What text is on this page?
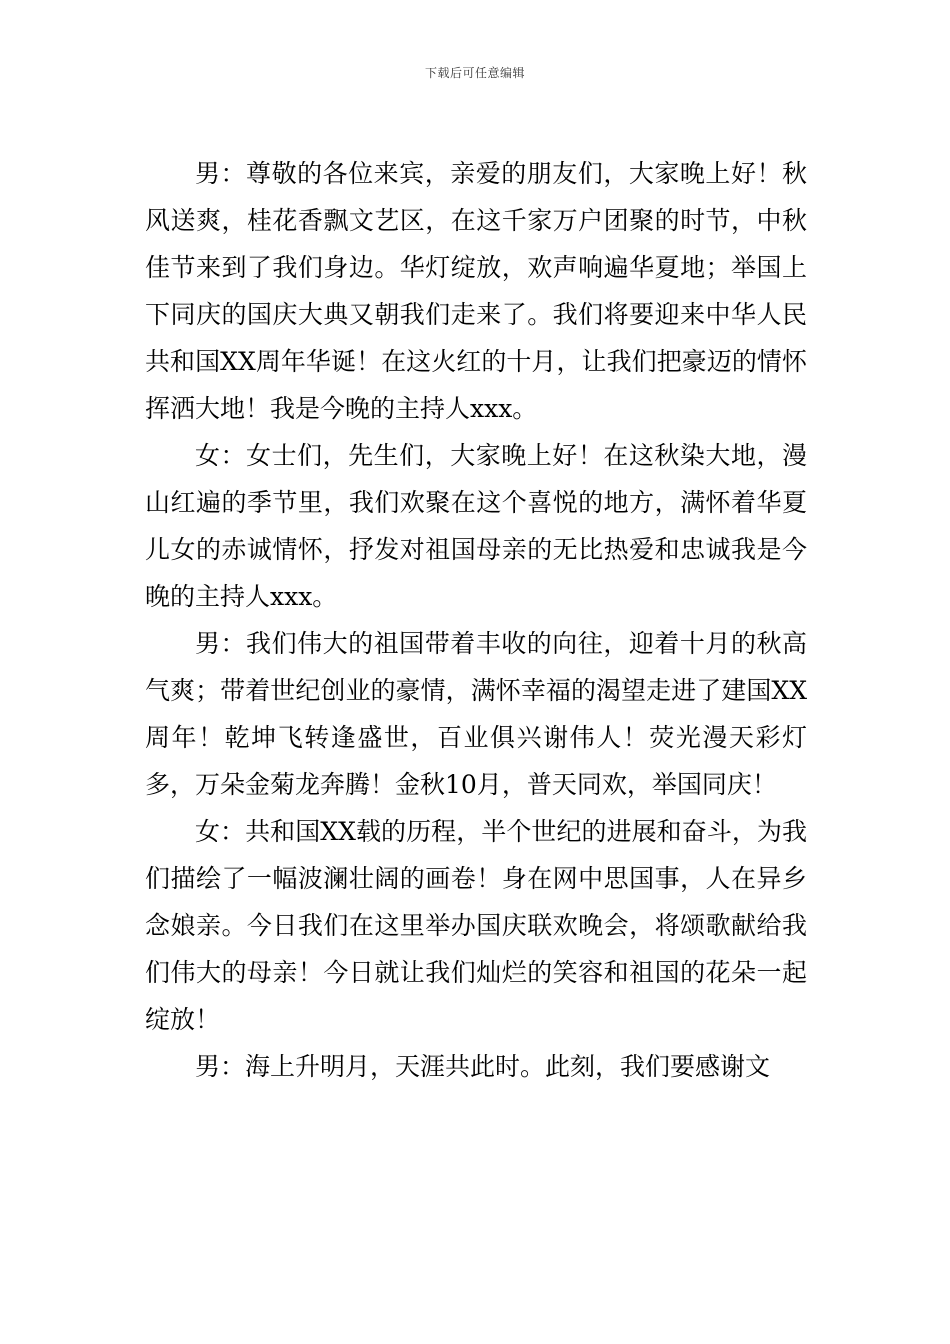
下载后可任意编辑

男：尊敬的各位来宾，亲爱的朋友们，大家晚上好！秋风送爽，桂花香飘文艺区，在这千家万户团聚的时节，中秋佳节来到了我们身边。华灯绽放，欢声响遍华夏地；举国上下同庆的国庆大典又朝我们走来了。我们将要迎来中华人民共和国XX周年华诞！在这火红的十月，让我们把豪迈的情怀挥洒大地！我是今晚的主持人xxx。

女：女士们，先生们，大家晚上好！在这秋染大地，漫山红遍的季节里，我们欢聚在这个喜悦的地方，满怀着华夏儿女的赤诚情怀，抒发对祖国母亲的无比热爱和忠诚我是今晚的主持人xxx。

男：我们伟大的祖国带着丰收的向往，迎着十月的秋高气爽；带着世纪创业的豪情，满怀幸福的渴望走进了建国XX周年！乾坤飞转逢盛世，百业俱兴谢伟人！荧光漫天彩灯多，万朵金菊龙奔腾！金秋10月，普天同欢，举国同庆！

女：共和国XX载的历程，半个世纪的进展和奋斗，为我们描绘了一幅波澜壮阔的画卷！身在网中思国事，人在异乡念娘亲。今日我们在这里举办国庆联欢晚会，将颂歌献给我们伟大的母亲！今日就让我们灿烂的笑容和祖国的花朵一起绽放！

男：海上升明月，天涯共此时。此刻，我们要感谢文
